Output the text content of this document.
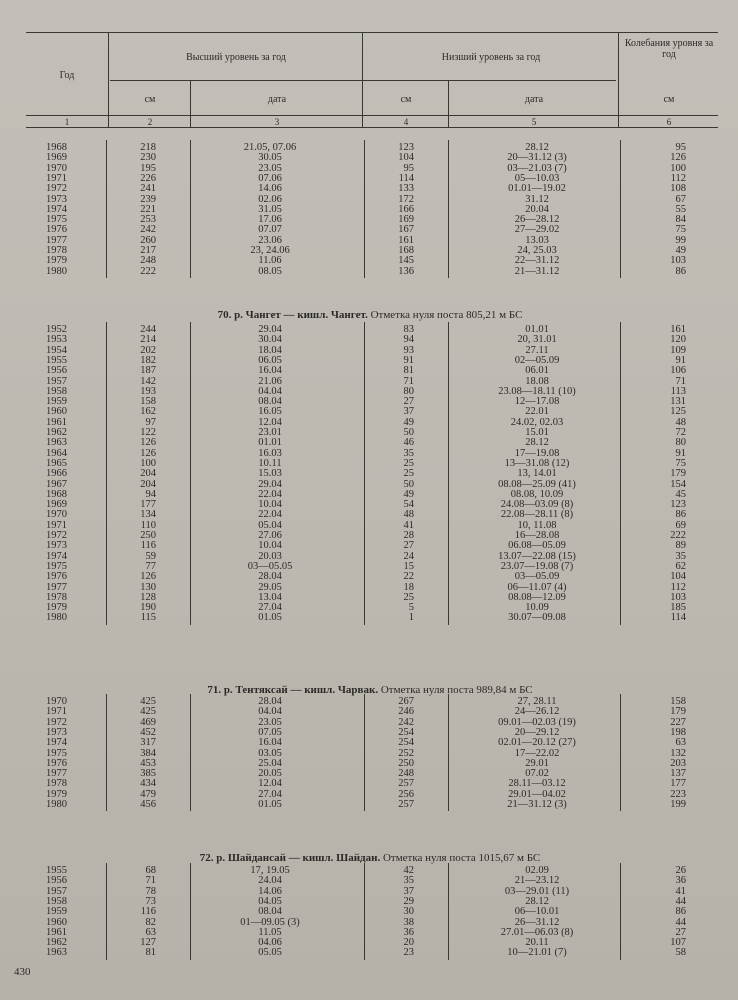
Год
Высший уровень за год	Низший уровень за год
Колебания уровня за год
см	дата	см	дата	см
1	2	3	4	5	6
70. р. Чангет — кишл. Чангет. Отметка нуля поста 805,21 м БС
71. р. Тентяксай — кишл. Чарвак. Отметка нуля поста 989,84 м БС
72. р. Шайдансай — кишл. Шайдан. Отметка нуля поста 1015,67 м БС
1968	218	21.05, 07.06	123	28.12	95
1969	230	30.05	104	20—31.12 (3)	126
1970	195	23.05	95	03—21.03 (7)	100
1971	226	07.06	114	05—10.03	112
1972	241	14.06	133	01.01—19.02	108
1973	239	02.06	172	31.12	67
1974	221	31.05	166	20.04	55
1975	253	17.06	169	26—28.12	84
1976	242	07.07	167	27—29.02	75
1977	260	23.06	161	13.03	99
1978	217	23, 24.06	168	24, 25.03	49
1979	248	11.06	145	22—31.12	103
1980	222	08.05	136	21—31.12	86
1952	244	29.04	83	01.01	161
1953	214	30.04	94	20, 31.01	120
1954	202	18.04	93	27.11	109
1955	182	06.05	91	02—05.09	91
1956	187	16.04	81	06.01	106
1957	142	21.06	71	18.08	71
1958	193	04.04	80	23.08—18.11 (10)	113
1959	158	08.04	27	12—17.08	131
1960	162	16.05	37	22.01	125
1961	97	12.04	49	24.02, 02.03	48
1962	122	23.01	50	15.01	72
1963	126	01.01	46	28.12	80
1964	126	16.03	35	17—19.08	91
1965	100	10.11	25	13—31.08 (12)	75
1966	204	15.03	25	13, 14.01	179
1967	204	29.04	50	08.08—25.09 (41)	154
1968	94	22.04	49	08.08, 10.09	45
1969	177	10.04	54	24.08—03.09 (8)	123
1970	134	22.04	48	22.08—28.11 (8)	86
1971	110	05.04	41	10, 11.08	69
1972	250	27.06	28	16—28.08	222
1973	116	10.04	27	06.08—05.09	89
1974	59	20.03	24	13.07—22.08 (15)	35
1975	77	03—05.05	15	23.07—19.08 (7)	62
1976	126	28.04	22	03—05.09	104
1977	130	29.05	18	06—11.07 (4)	112
1978	128	13.04	25	08.08—12.09	103
1979	190	27.04	5	10.09	185
1980	115	01.05	1	30.07—09.08	114
1970	425	28.04	267	27, 28.11	158
1971	425	04.04	246	24—26.12	179
1972	469	23.05	242	09.01—02.03 (19)	227
1973	452	07.05	254	20—29.12	198
1974	317	16.04	254	02.01—20.12 (27)	63
1975	384	03.05	252	17—22.02	132
1976	453	25.04	250	29.01	203
1977	385	20.05	248	07.02	137
1978	434	12.04	257	28.11—03.12	177
1979	479	27.04	256	29.01—04.02	223
1980	456	01.05	257	21—31.12 (3)	199
1955	68	17, 19.05	42	02.09	26
1956	71	24.04	35	21—23.12	36
1957	78	14.06	37	03—29.01 (11)	41
1958	73	04.05	29	28.12	44
1959	116	08.04	30	06—10.01	86
1960	82	01—09.05 (3)	38	26—31.12	44
1961	63	11.05	36	27.01—06.03 (8)	27
1962	127	04.06	20	20.11	107
1963	81	05.05	23	10—21.01 (7)	58
430
